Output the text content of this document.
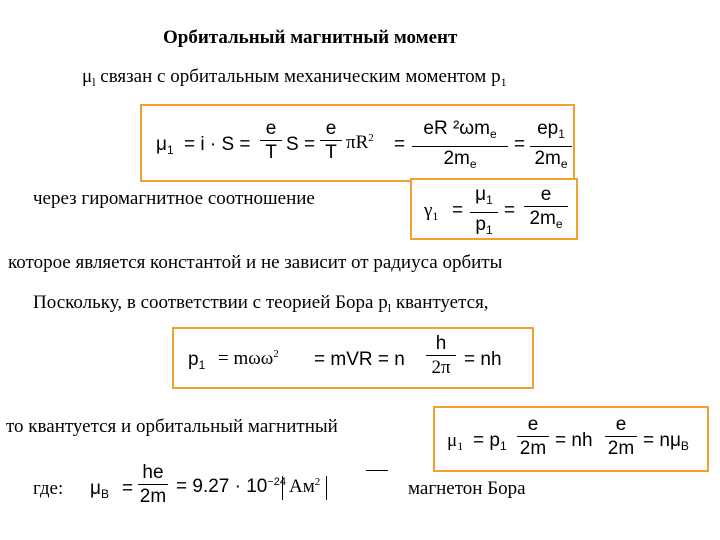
Орбитальный магнитный момент
$\mu_l$ связан с орбитальным механическим моментом $p_1$
$\mu_1 = i \cdot S$ =
e
T S =
e
T $\pi R^2$ =
eR $^2\omega m_e$
$2m_e$
=
$ep_1$
$2m_e$
через гиромагнитное соотношение
$\gamma_1$ =
$\mu_1$
$p_1$
=
e
$2m_e$
которое является константой и не зависит от радиуса орбиты
Поскольку, в соответствии с теорией Бора $p_l$ квантуется,
$p_1 = m\omega\omega^2$ = mVR = n
h
2π = nh
то квантуется и орбитальный магнитный
$\mu_1 = p_1$
e
2m = nh
e
$2m = n\mu_B$
где: $\mu_B$ =
he
$2m = 9.27 \cdot 10^{-24}$ $Ам^2$	магнетон Бора
